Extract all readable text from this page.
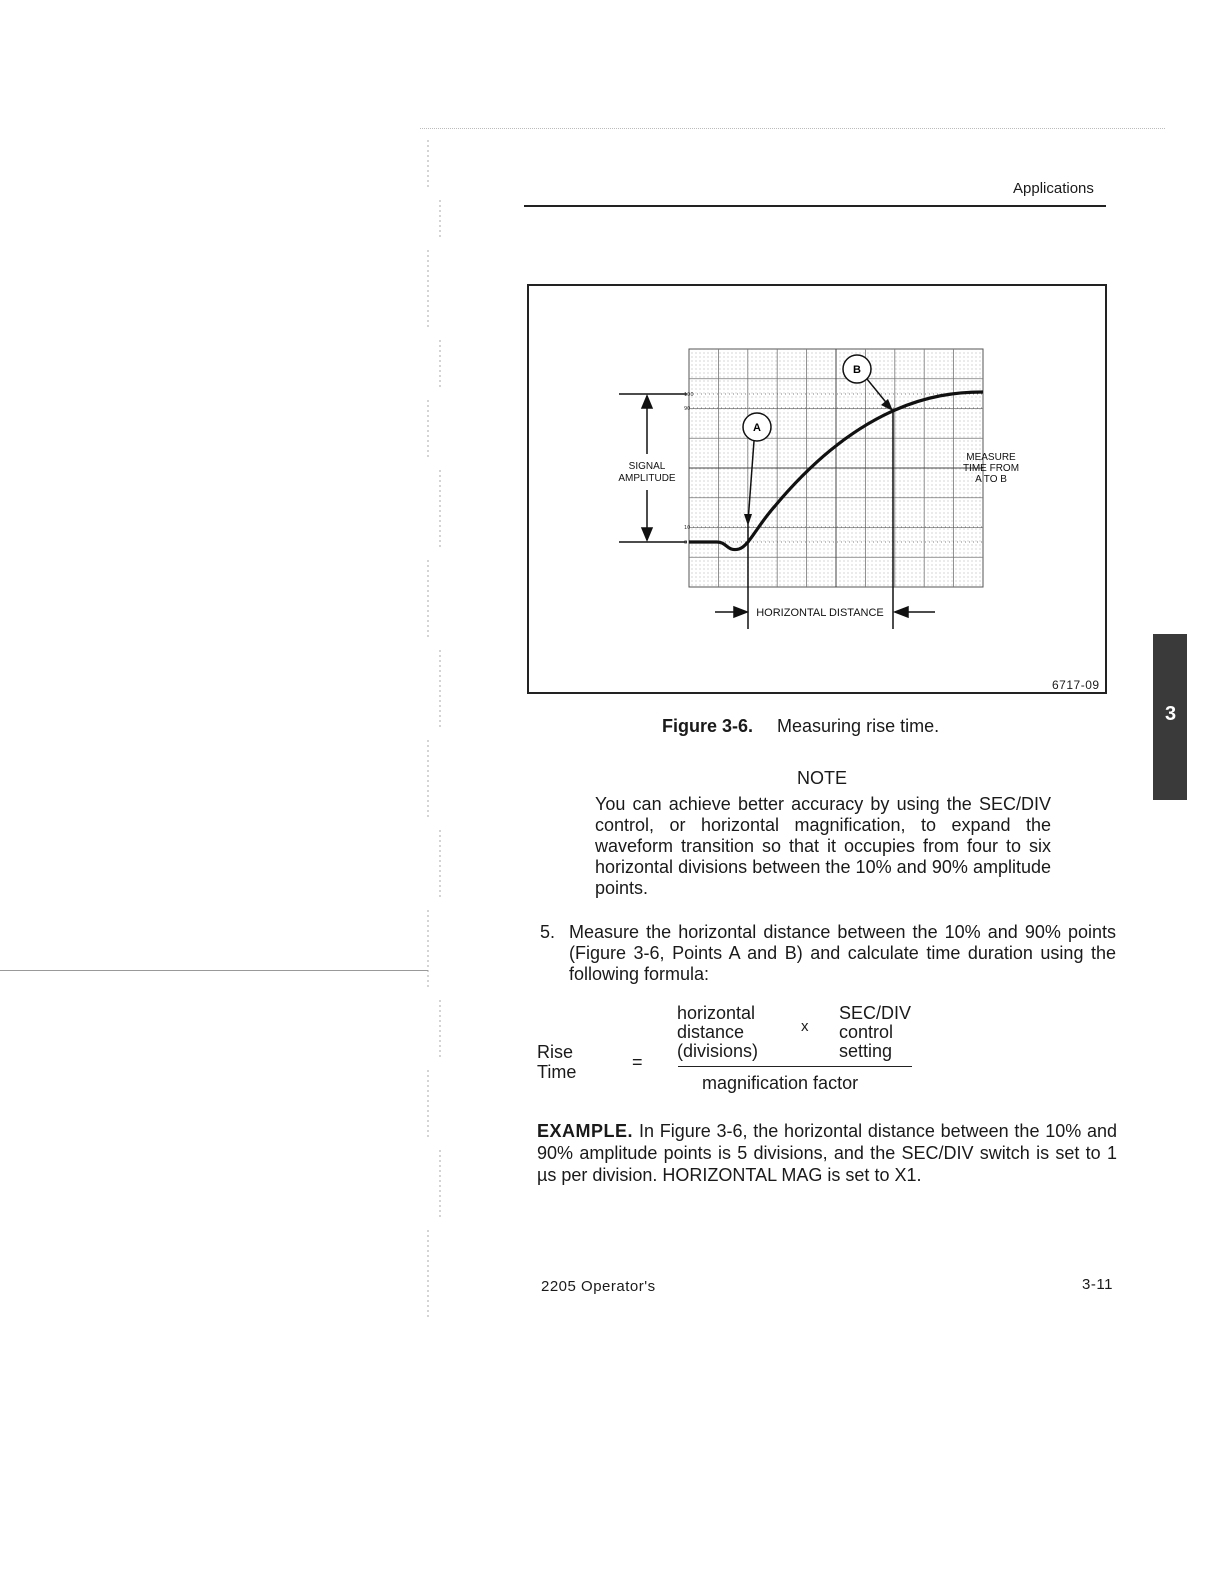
Applications
100
90
10
0
SIGNAL
AMPLITUDE
A
B
HORIZONTAL DISTANCE
MEASURE
TIME FROM
A TO B
6717-09
Figure 3-6. Measuring rise time.
NOTE
You can achieve better accuracy by using the SEC/DIV control, or horizontal magnification, to expand the waveform transition so that it occupies from four to six horizontal divisions between the 10% and 90% amplitude points.
5. Measure the horizontal distance between the 10% and 90% points (Figure 3-6, Points A and B) and calculate time duration using the following formula:
Rise
Time	=
horizontal
distance
(divisions)
x
SEC/DIV
control
setting
magnification factor
EXAMPLE. In Figure 3-6, the horizontal distance between the 10% and 90% amplitude points is 5 divisions, and the SEC/DIV switch is set to 1 µs per division. HORIZONTAL MAG is set to X1.
2205 Operator's	3-11
3
